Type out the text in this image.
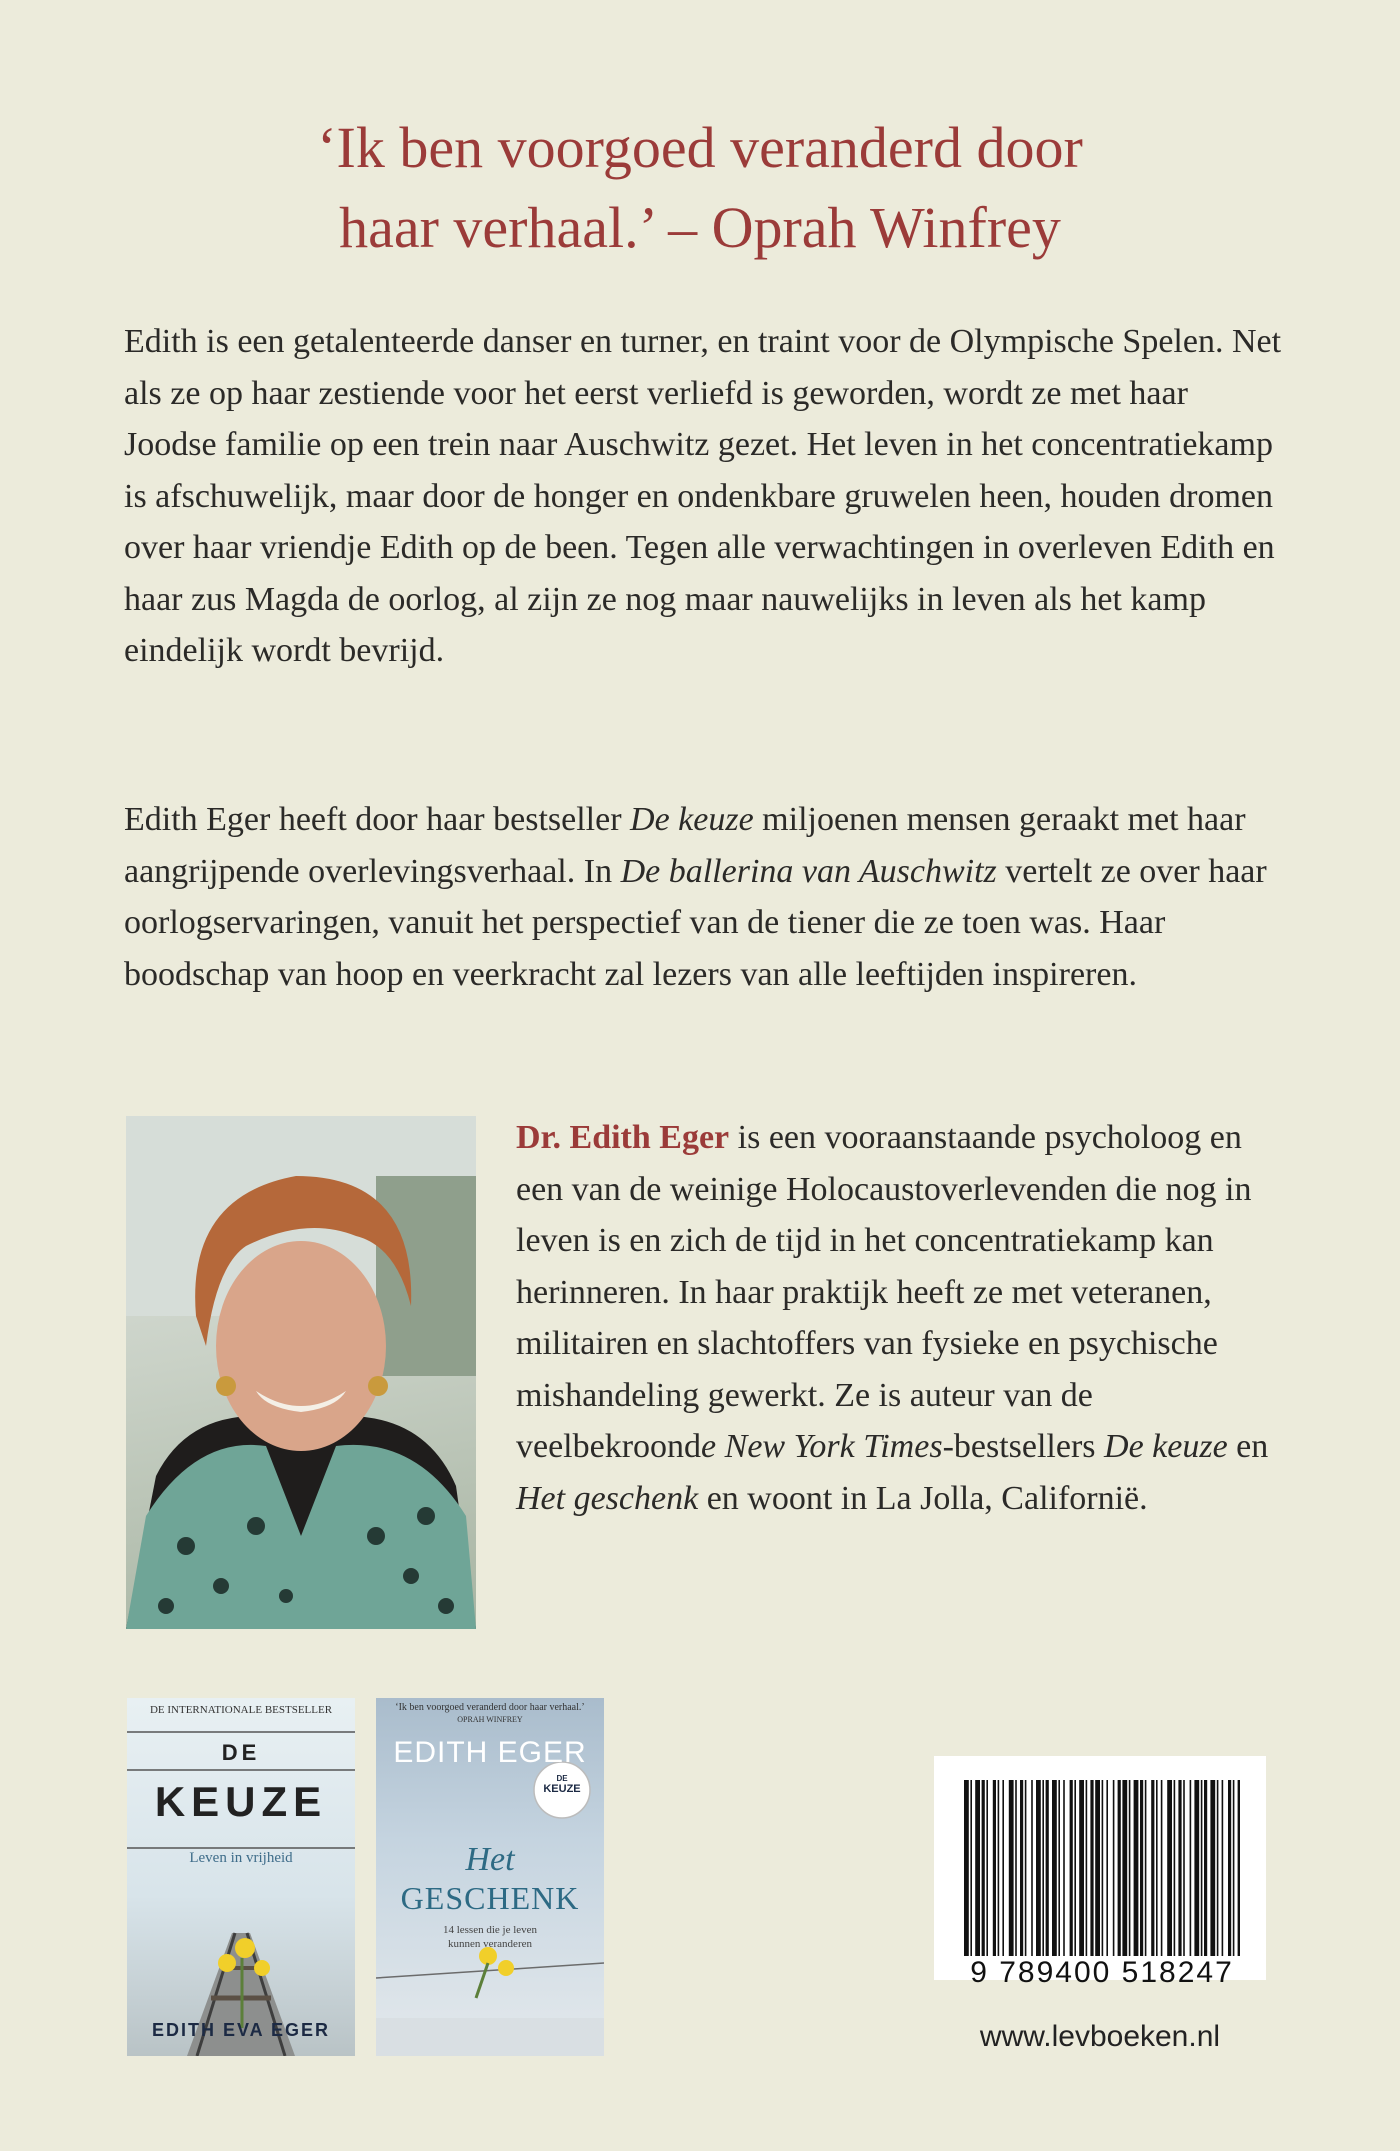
‘Ik ben voorgoed veranderd door
haar verhaal.’ – Oprah Winfrey

Edith is een getalenteerde danser en turner, en traint voor de Olympische Spelen. Net als ze op haar zestiende voor het eerst verliefd is geworden, wordt ze met haar Joodse familie op een trein naar Auschwitz gezet. Het leven in het concentratiekamp is afschuwelijk, maar door de honger en ondenkbare gruwelen heen, houden dromen over haar vriendje Edith op de been. Tegen alle verwachtingen in overleven Edith en haar zus Magda de oorlog, al zijn ze nog maar nauwelijks in leven als het kamp eindelijk wordt bevrijd.

Edith Eger heeft door haar bestseller De keuze miljoenen mensen geraakt met haar aangrijpende overlevingsverhaal. In De ballerina van Auschwitz vertelt ze over haar oorlogservaringen, vanuit het perspectief van de tiener die ze toen was. Haar boodschap van hoop en veerkracht zal lezers van alle leeftijden inspireren.

Dr. Edith Eger is een vooraanstaande psycholoog en een van de weinige Holocaustoverlevenden die nog in leven is en zich de tijd in het concentratiekamp kan herinneren. In haar praktijk heeft ze met veteranen, militairen en slachtoffers van fysieke en psychische mishandeling gewerkt. Ze is auteur van de veelbekroonde New York Times-bestsellers De keuze en Het geschenk en woont in La Jolla, Californië.
DE INTERNATIONALE BESTSELLER
DE
KEUZE
Leven in vrijheid
EDITH EVA EGER
‘Ik ben voorgoed veranderd door haar verhaal.’
OPRAH WINFREY
EDITH EGER
DE
KEUZE
Het
GESCHENK
14 lessen die je leven
kunnen veranderen
9 789400 518247
www.levboeken.nl
